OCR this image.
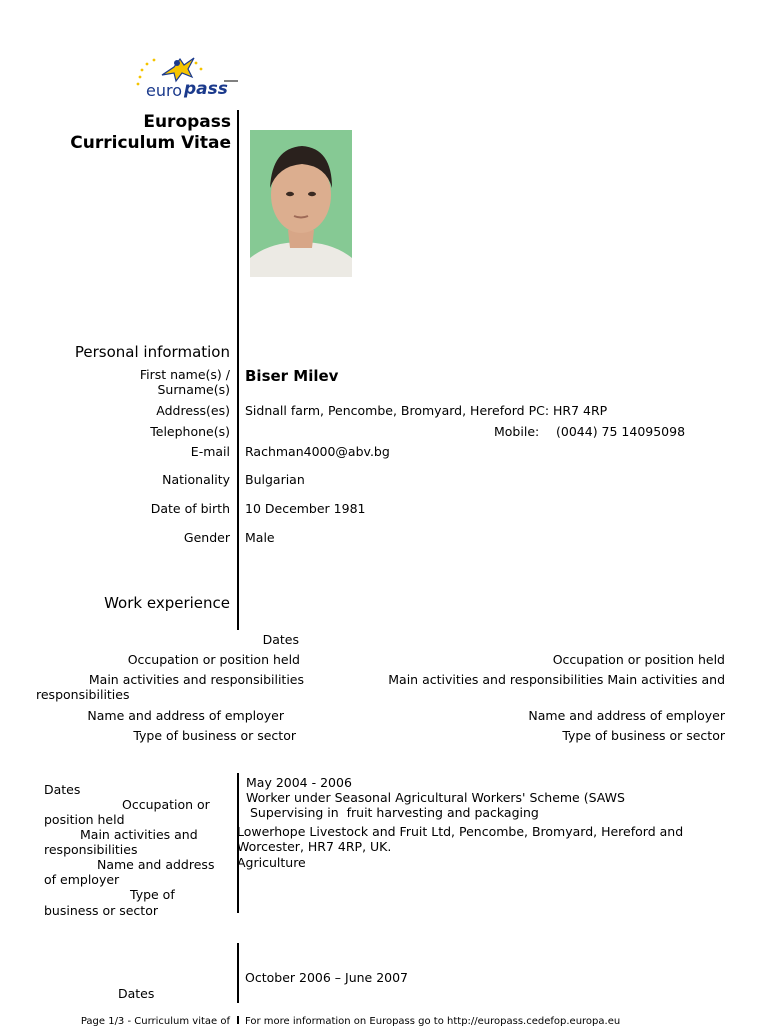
euro pass
Europass
Curriculum Vitae
Personal information
First name(s) /
Surname(s)
Biser Milev
Address(es) Sidnall farm, Pencombe, Bromyard, Hereford PC: HR7 4RP
Telephone(s)	Mobile: (0044) 75 14095098
E-mail Rachman4000@abv.bg
Nationality Bulgarian
Date of birth 10 December 1981
Gender Male
Work experience
Dates
Occupation or position held
Main activities and responsibilities
responsibilities
Name and address of employer
Type of business or sector
Occupation or position held
Main activities and responsibilities Main activities and
Name and address of employer
Type of business or sector
Dates
Occupation or
position held
Main activities and
responsibilities
Name and address
of employer
Type of
business or sector
May 2004 - 2006
Worker under Seasonal Agricultural Workers' Scheme (SAWS
Supervising in  fruit harvesting and packaging
Lowerhope Livestock and Fruit Ltd, Pencombe, Bromyard, Hereford and
Worcester, HR7 4RP, UK.
Agriculture
October 2006 – June 2007
Dates
Page 1/3 - Curriculum vitae of For more information on Europass go to http://europass.cedefop.europa.eu
